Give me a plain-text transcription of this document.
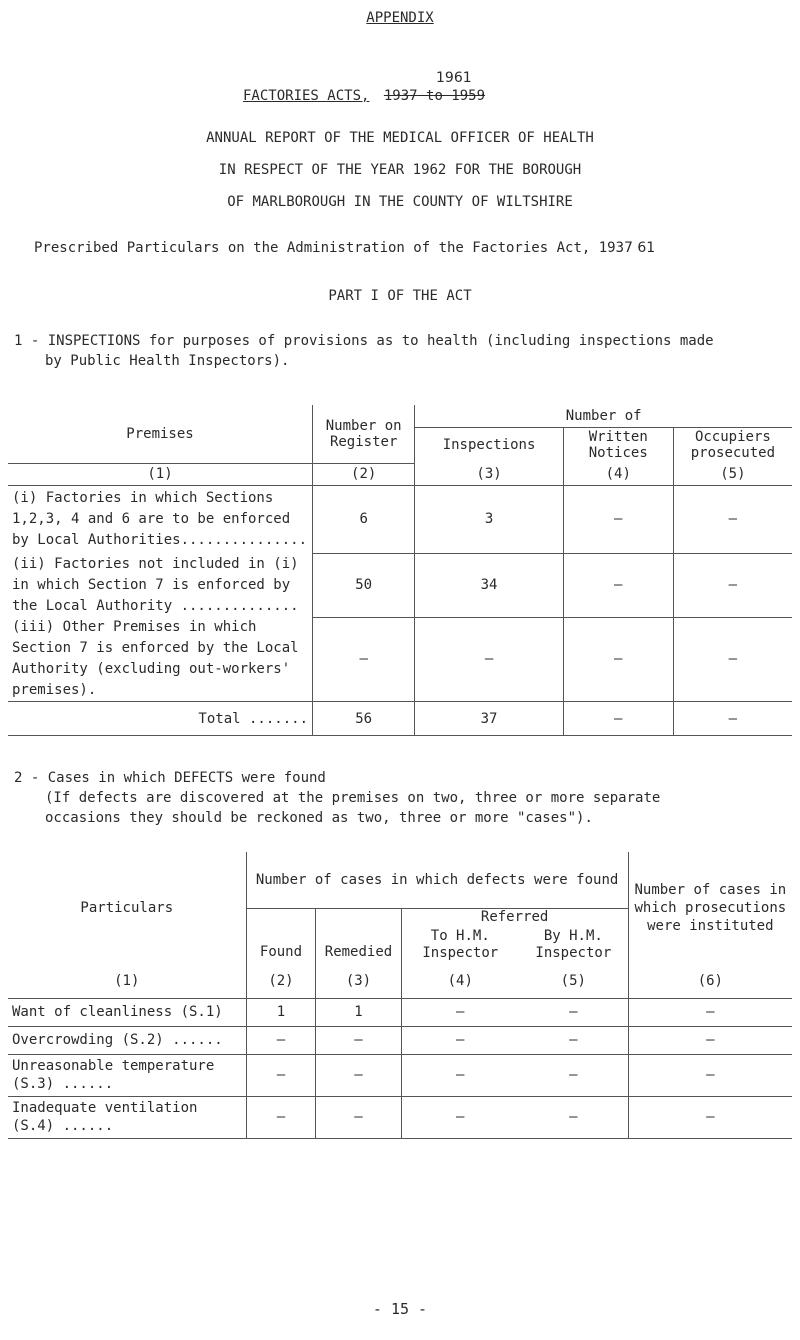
APPENDIX
1961
FACTORIES ACTS, 1937 to 1959
ANNUAL REPORT OF THE MEDICAL OFFICER OF HEALTH
IN RESPECT OF THE YEAR 1962 FOR THE BOROUGH
OF MARLBOROUGH IN THE COUNTY OF WILTSHIRE
Prescribed Particulars on the Administration of the Factories Act, 1937 61
PART I OF THE ACT
1 - INSPECTIONS for purposes of provisions as to health (including inspections made
by Public Health Inspectors).
Premises	Number on Register	Number of		
		Inspections	Written Notices	Occupiers prosecuted
(1)	(2)	(3)	(4)	(5)
(i) Factories in which Sections 1,2,3, 4 and 6 are to be enforced by Local Authorities...............	6	3	–	–
(ii) Factories not included in (i) in which Section 7 is enforced by the Local Authority ..............	50	34	–	–
(iii) Other Premises in which Section 7 is enforced by the Local Authority (excluding out-workers' premises).	–	–	–	–
Total .......	56	37	–	–
2 - Cases in which DEFECTS were found
(If defects are discovered at the premises on two, three or more separate
occasions they should be reckoned as two, three or more "cases").
Particulars	Number of cases in which defects were found				Number of cases in which prosecutions were instituted
	Found	Remedied	Referred		
			To H.M. Inspector	By H.M. Inspector	
(1)	(2)	(3)	(4)	(5)	(6)
Want of cleanliness (S.1)	1	1	–	–	–
Overcrowding (S.2) ......	–	–	–	–	–
Unreasonable temperature (S.3) ......	–	–	–	–	–
Inadequate ventilation (S.4) ......	–	–	–	–	–
- 15 -
